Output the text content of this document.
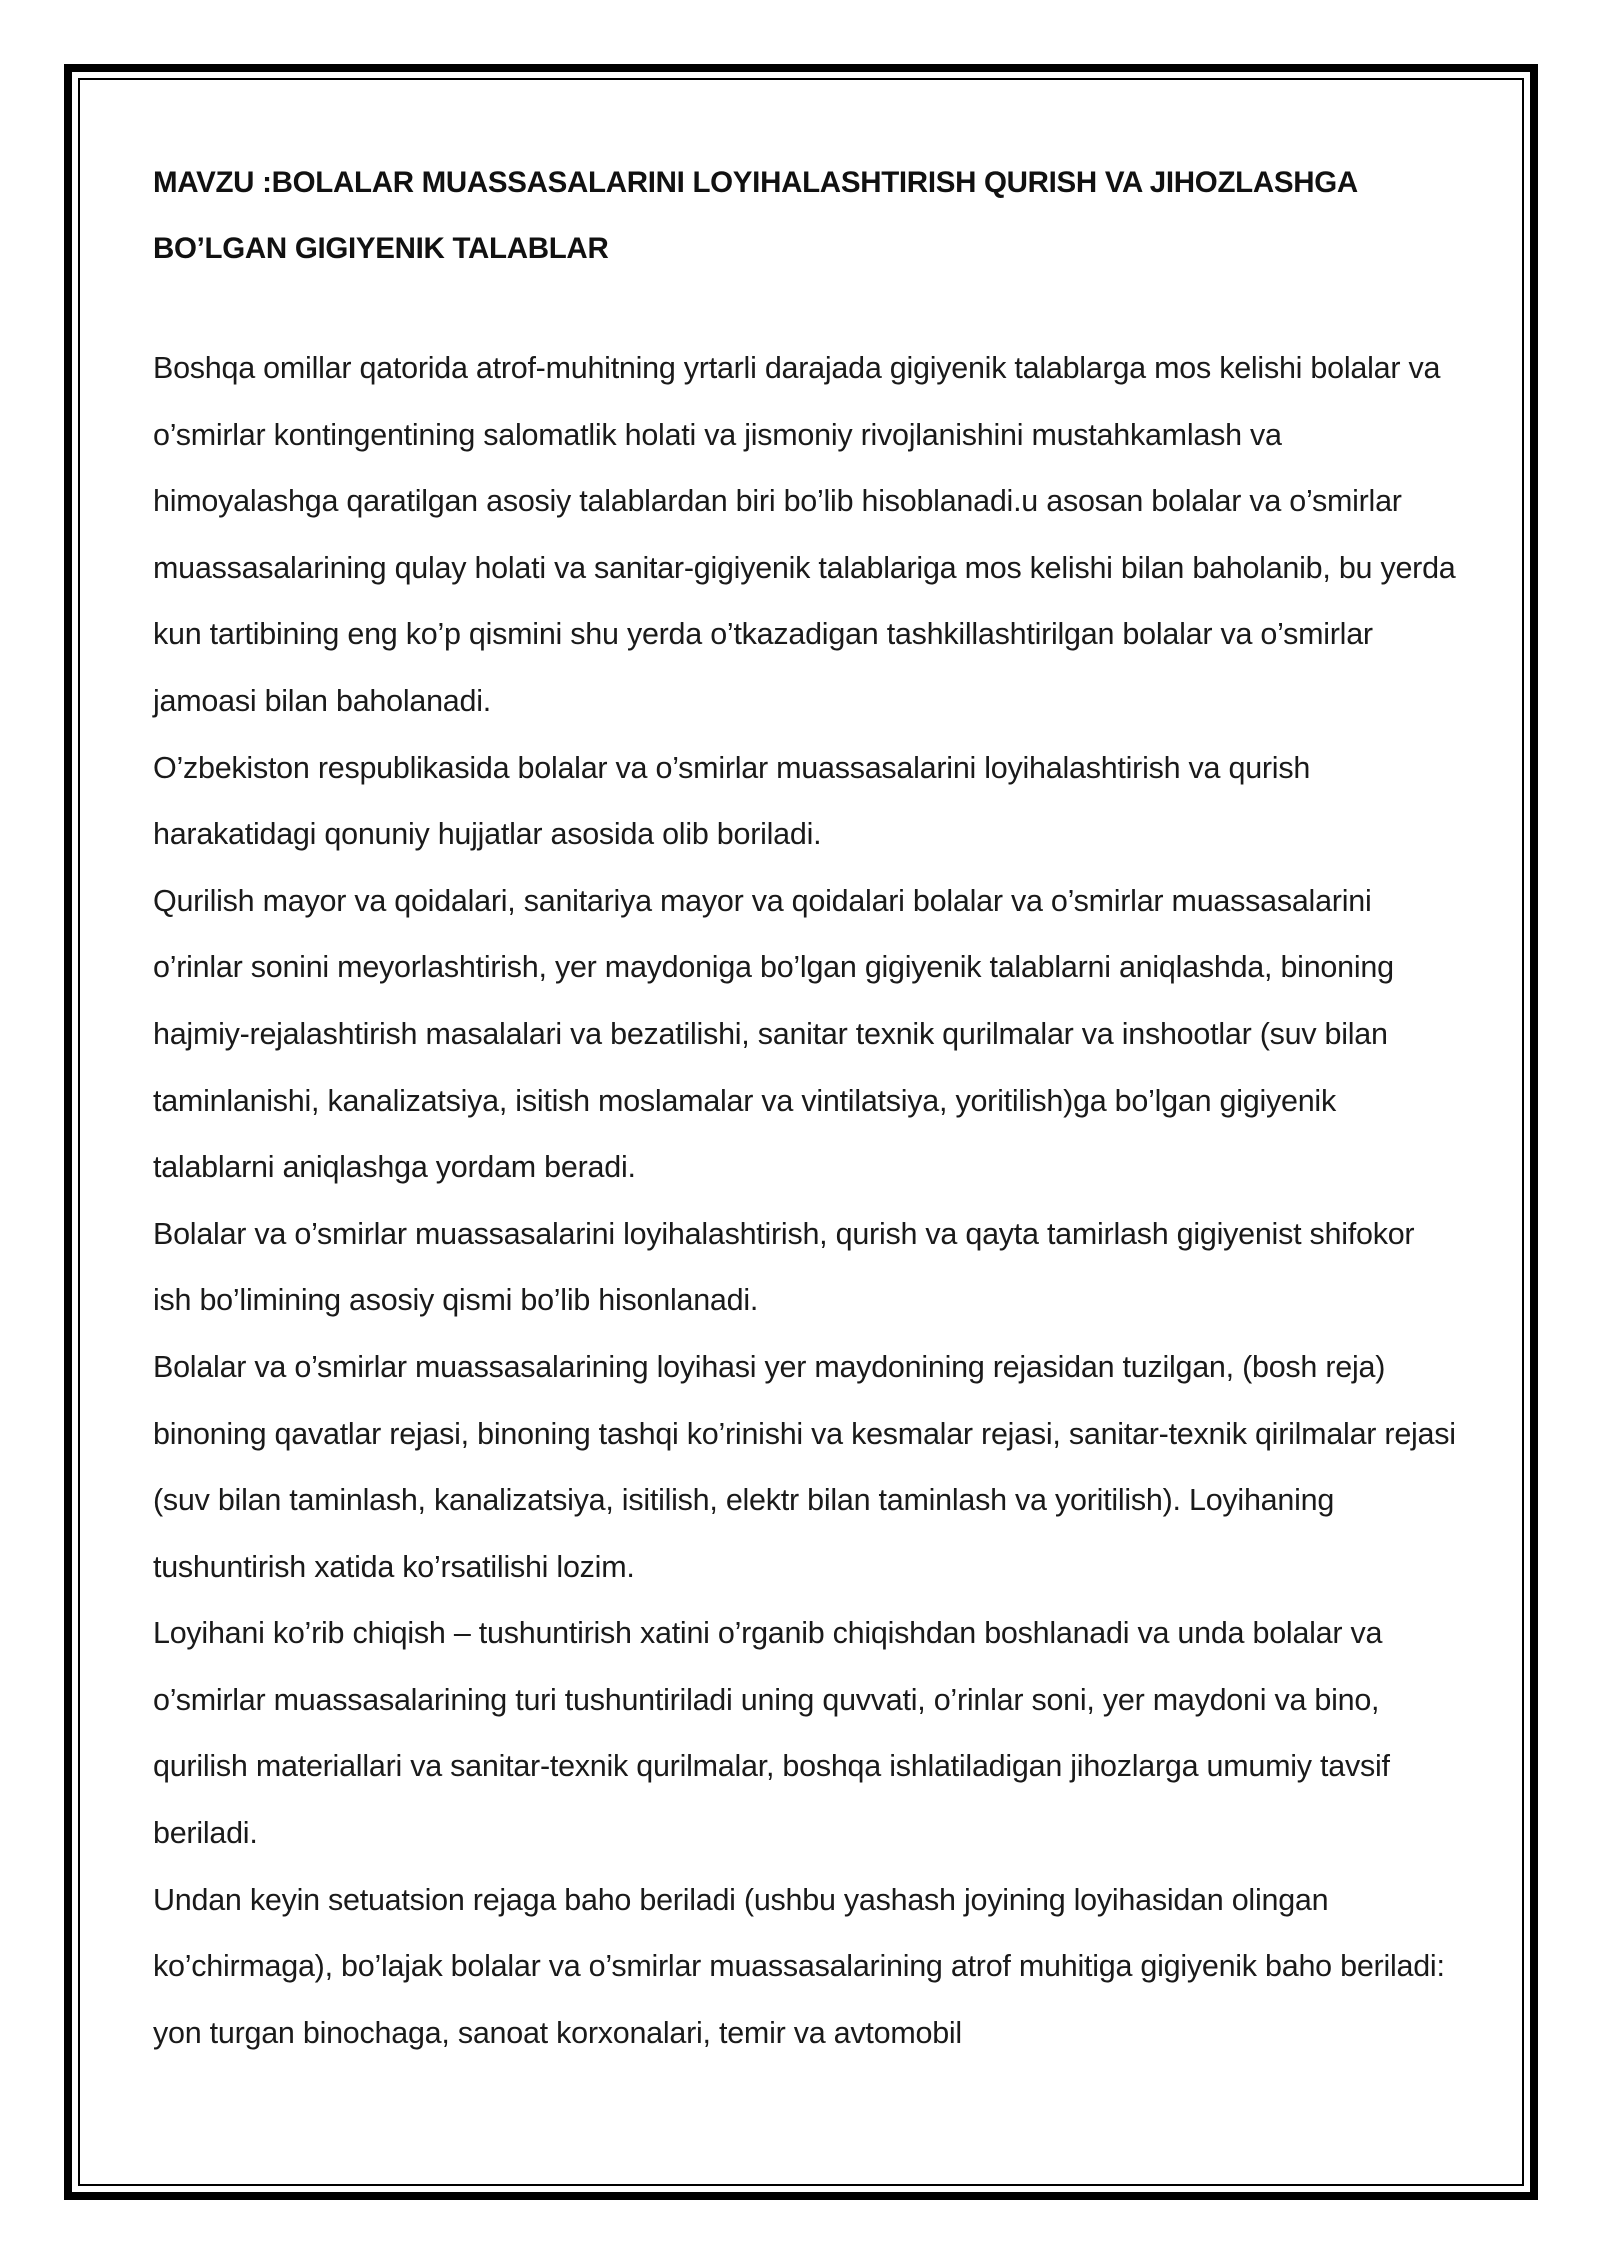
MAVZU :BOLALAR MUASSASALARINI LOYIHALASHTIRISH QURISH VA JIHOZLASHGA BO’LGAN GIGIYENIK TALABLAR

Boshqa omillar qatorida atrof-muhitning yrtarli darajada gigiyenik talablarga mos kelishi bolalar va o’smirlar kontingentining salomatlik holati va jismoniy rivojlanishini mustahkamlash va himoyalashga qaratilgan asosiy talablardan biri bo’lib hisoblanadi.u asosan bolalar va o’smirlar muassasalarining qulay holati va sanitar-gigiyenik talablariga mos kelishi bilan baholanib, bu yerda kun tartibining eng ko’p qismini shu yerda o’tkazadigan tashkillashtirilgan bolalar va o’smirlar jamoasi bilan baholanadi.

O’zbekiston respublikasida bolalar va o’smirlar muassasalarini loyihalashtirish va qurish harakatidagi qonuniy hujjatlar asosida olib boriladi.

Qurilish mayor va qoidalari, sanitariya mayor va qoidalari bolalar va o’smirlar muassasalarini o’rinlar sonini meyorlashtirish, yer maydoniga bo’lgan gigiyenik talablarni aniqlashda, binoning hajmiy-rejalashtirish masalalari va bezatilishi, sanitar texnik qurilmalar va inshootlar (suv bilan taminlanishi, kanalizatsiya, isitish moslamalar va vintilatsiya, yoritilish)ga bo’lgan gigiyenik talablarni aniqlashga yordam beradi.

Bolalar va o’smirlar muassasalarini loyihalashtirish, qurish va qayta tamirlash gigiyenist shifokor ish bo’limining asosiy qismi bo’lib hisonlanadi.

Bolalar va o’smirlar muassasalarining loyihasi yer maydonining rejasidan tuzilgan, (bosh reja) binoning qavatlar rejasi, binoning tashqi ko’rinishi va kesmalar rejasi, sanitar-texnik qirilmalar rejasi (suv bilan taminlash, kanalizatsiya, isitilish, elektr bilan taminlash va yoritilish). Loyihaning tushuntirish xatida ko’rsatilishi lozim.

Loyihani ko’rib chiqish – tushuntirish xatini o’rganib chiqishdan boshlanadi va unda bolalar va o’smirlar muassasalarining turi tushuntiriladi uning quvvati, o’rinlar soni, yer maydoni va bino, qurilish materiallari va sanitar-texnik qurilmalar, boshqa ishlatiladigan jihozlarga umumiy tavsif beriladi.

Undan keyin setuatsion rejaga baho beriladi (ushbu yashash joyining loyihasidan olingan ko’chirmaga), bo’lajak bolalar va o’smirlar muassasalarining atrof muhitiga gigiyenik baho beriladi: yon turgan binochaga, sanoat korxonalari, temir va avtomobil
